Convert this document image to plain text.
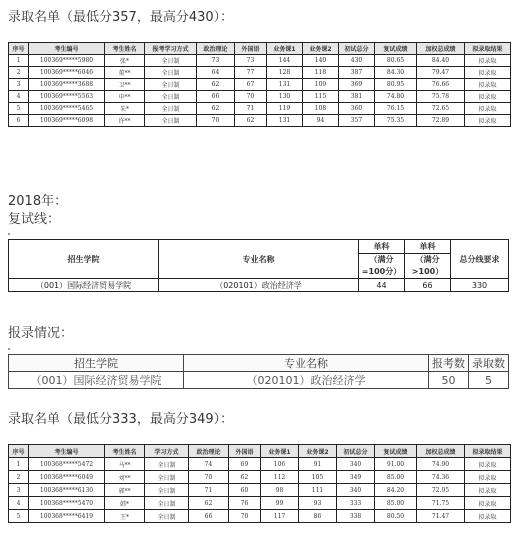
录取名单（最低分357，最高分430）：
序号	考生编号	考生姓名	报考学习方式	政治理论	外国语	业务课1	业务课2	初试总分	复试成绩	加权总成绩	拟录取结果
1	100369*****5980	张*	全日制	73	73	144	140	430	80.65	84.40	拟录取
2	100369*****6046	董**	全日制	64	77	128	118	387	84.30	79.47	拟录取
3	100369*****3688	卫**	全日制	62	67	131	109	369	80.95	76.66	拟录取
4	100369*****5563	申**	全日制	66	70	130	115	381	74.80	75.78	拟录取
5	100369*****5465	朱*	全日制	62	71	119	108	360	76.15	72.65	拟录取
6	100369*****6098	许**	全日制	70	62	131	94	357	75.35	72.89	拟录取
2018年：
复试线：
招生学院	专业名称	单科	单科	总分线要求
		（满分=100分）	（满分>100）	

（001）国际经济贸易学院	（020101）政治经济学	44	66	330
报录情况：
招生学院	专业名称	报考数	录取数
（001）国际经济贸易学院	（020101）政治经济学	50	5
录取名单（最低分333，最高分349）：
序号	考生编号	考生姓名	学习方式	政治理论	外国语	业务课1	业务课2	初试总分	复试成绩	加权总成绩	拟录取结果
1	100368*****5472	马**	全日制	74	69	106	91	340	91.00	74.90	拟录取
2	100368*****6049	刘**	全日制	70	62	112	105	349	85.00	74.36	拟录取
3	100368*****6130	郭**	全日制	71	60	98	111	340	84.20	72.95	拟录取
4	100368*****5470	韩*	全日制	62	76	99	93	333	85.00	71.75	拟录取
5	100368*****6419	王*	全日制	66	70	117	86	338	80.50	71.47	拟录取
